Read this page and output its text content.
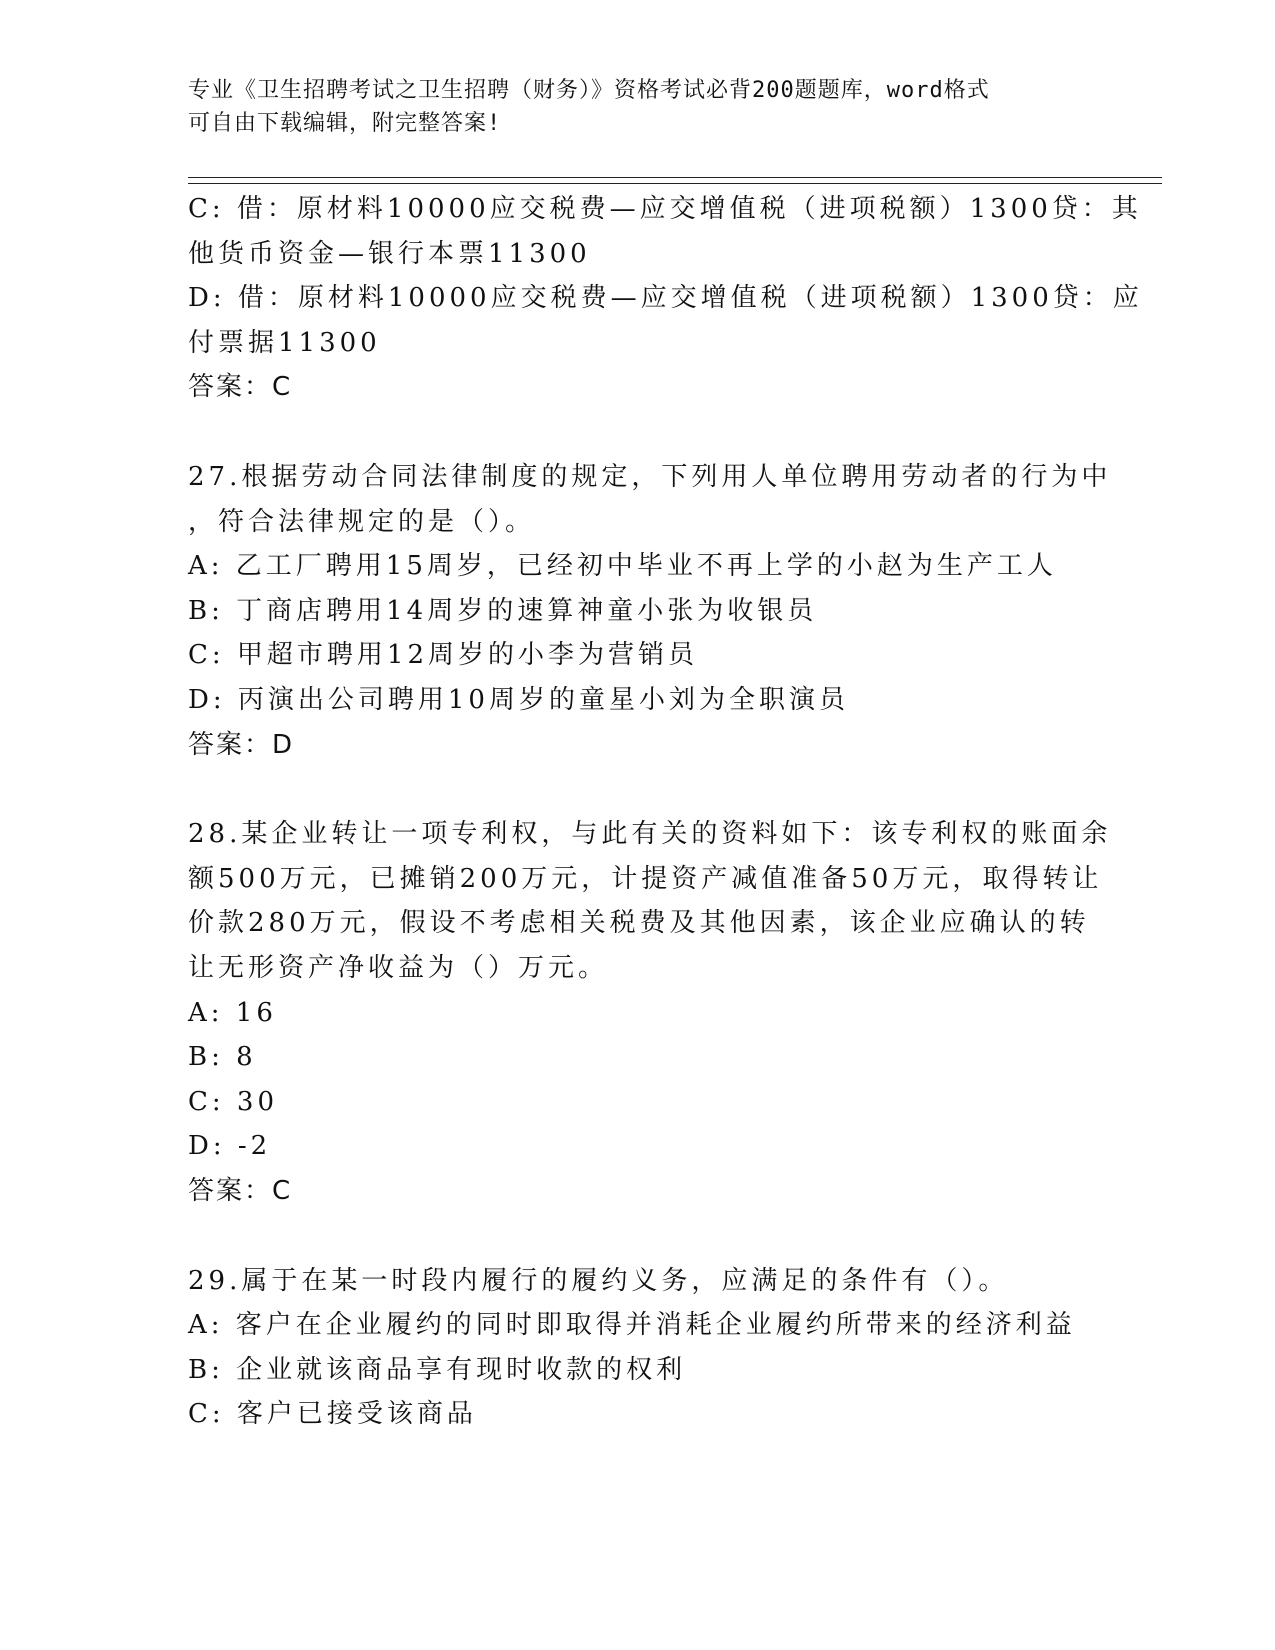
专业《卫生招聘考试之卫生招聘（财务）》资格考试必背200题题库，word格式
可自由下载编辑，附完整答案!
C: 借：原材料10000应交税费—应交增值税（进项税额）1300贷：其
他货币资金—银行本票11300
D: 借：原材料10000应交税费—应交增值税（进项税额）1300贷：应
付票据11300
答案：C
27.根据劳动合同法律制度的规定，下列用人单位聘用劳动者的行为中
，符合法律规定的是（）。
A: 乙工厂聘用15周岁，已经初中毕业不再上学的小赵为生产工人
B: 丁商店聘用14周岁的速算神童小张为收银员
C: 甲超市聘用12周岁的小李为营销员
D: 丙演出公司聘用10周岁的童星小刘为全职演员
答案：D
28.某企业转让一项专利权，与此有关的资料如下：该专利权的账面余
额500万元，已摊销200万元，计提资产减值准备50万元，取得转让
价款280万元，假设不考虑相关税费及其他因素，该企业应确认的转
让无形资产净收益为（）万元。
A: 16
B: 8
C: 30
D: -2
答案：C
29.属于在某一时段内履行的履约义务，应满足的条件有（）。
A: 客户在企业履约的同时即取得并消耗企业履约所带来的经济利益
B: 企业就该商品享有现时收款的权利
C: 客户已接受该商品
